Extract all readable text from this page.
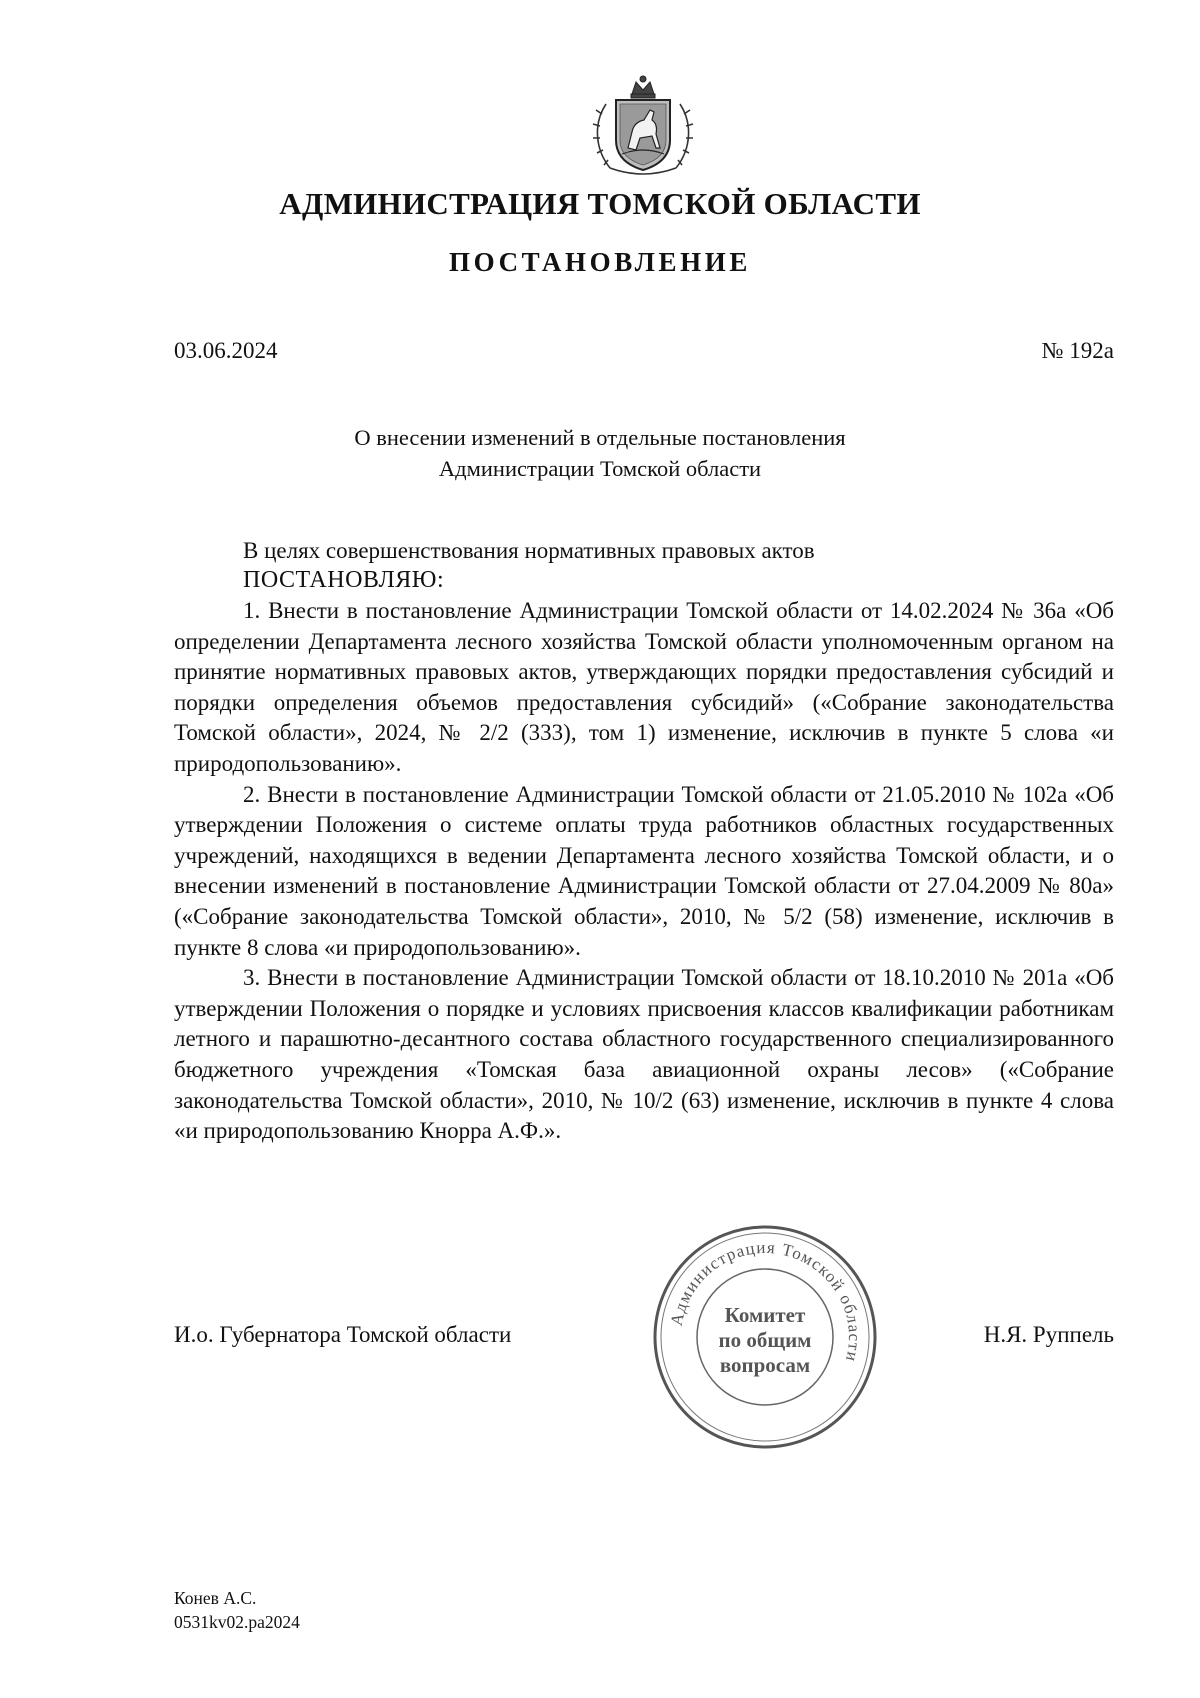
АДМИНИСТРАЦИЯ ТОМСКОЙ ОБЛАСТИ
ПОСТАНОВЛЕНИЕ
03.06.2024	№ 192а
О внесении изменений в отдельные постановления
Администрации Томской области
В целях совершенствования нормативных правовых актов
ПОСТАНОВЛЯЮ:

1. Внести в постановление Администрации Томской области от 14.02.2024 № 36а «Об определении Департамента лесного хозяйства Томской области уполномоченным органом на принятие нормативных правовых актов, утверждающих порядки предоставления субсидий и порядки определения объемов предоставления субсидий» («Собрание законодательства Томской области», 2024, № 2/2 (333), том 1) изменение, исключив в пункте 5 слова «и природопользованию».

2. Внести в постановление Администрации Томской области от 21.05.2010 № 102а «Об утверждении Положения о системе оплаты труда работников областных государственных учреждений, находящихся в ведении Департамента лесного хозяйства Томской области, и о внесении изменений в постановление Администрации Томской области от 27.04.2009 № 80а» («Собрание законодательства Томской области», 2010, № 5/2 (58) изменение, исключив в пункте 8 слова «и природопользованию».

3. Внести в постановление Администрации Томской области от 18.10.2010 № 201а «Об утверждении Положения о порядке и условиях присвоения классов квалификации работникам летного и парашютно-десантного состава областного государственного специализированного бюджетного учреждения «Томская база авиационной охраны лесов» («Собрание законодательства Томской области», 2010, № 10/2 (63) изменение, исключив в пункте 4 слова «и природопользованию Кнорра А.Ф.».

И.о. Губернатора Томской области	Н.Я. Руппель
Администрация Томской области
Комитет
по общим
вопросам
Конев А.С.
0531kv02.pa2024
